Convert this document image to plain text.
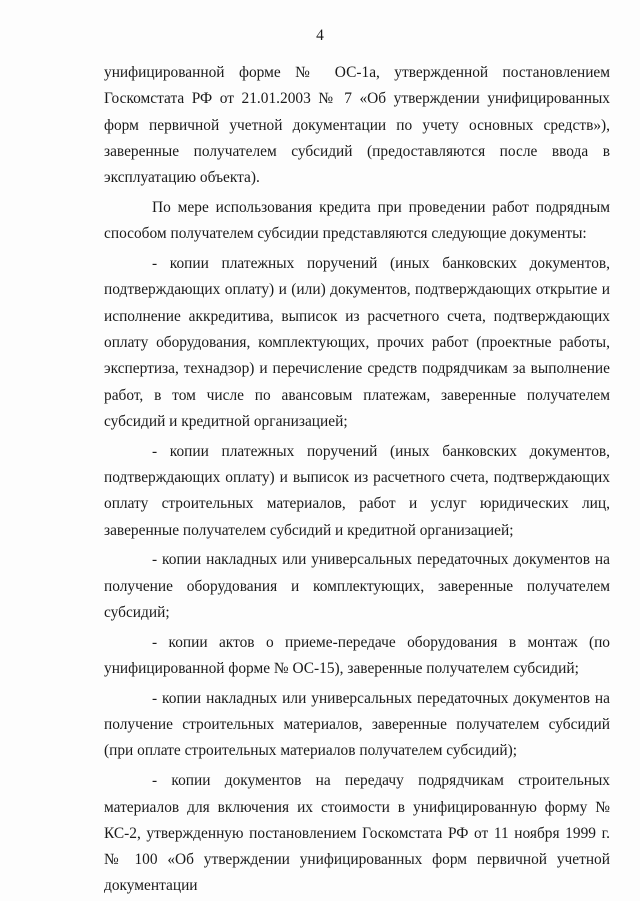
4

унифицированной форме № ОС-1а, утвержденной постановлением Госкомстата РФ от 21.01.2003 № 7 «Об утверждении унифицированных форм первичной учетной документации по учету основных средств»), заверенные получателем субсидий (предоставляются после ввода в эксплуатацию объекта).

По мере использования кредита при проведении работ подрядным способом получателем субсидии представляются следующие документы:

- копии платежных поручений (иных банковских документов, подтверждающих оплату) и (или) документов, подтверждающих открытие и исполнение аккредитива, выписок из расчетного счета, подтверждающих оплату оборудования, комплектующих, прочих работ (проектные работы, экспертиза, технадзор) и перечисление средств подрядчикам за выполнение работ, в том числе по авансовым платежам, заверенные получателем субсидий и кредитной организацией;

- копии платежных поручений (иных банковских документов, подтверждающих оплату) и выписок из расчетного счета, подтверждающих оплату строительных материалов, работ и услуг юридических лиц, заверенные получателем субсидий и кредитной организацией;

- копии накладных или универсальных передаточных документов на получение оборудования и комплектующих, заверенные получателем субсидий;

- копии актов о приеме-передаче оборудования в монтаж (по унифицированной форме № ОС-15), заверенные получателем субсидий;

- копии накладных или универсальных передаточных документов на получение строительных материалов, заверенные получателем субсидий (при оплате строительных материалов получателем субсидий);

- копии документов на передачу подрядчикам строительных материалов для включения их стоимости в унифицированную форму № КС-2, утвержденную постановлением Госкомстата РФ от 11 ноября 1999 г. № 100 «Об утверждении унифицированных форм первичной учетной документации
